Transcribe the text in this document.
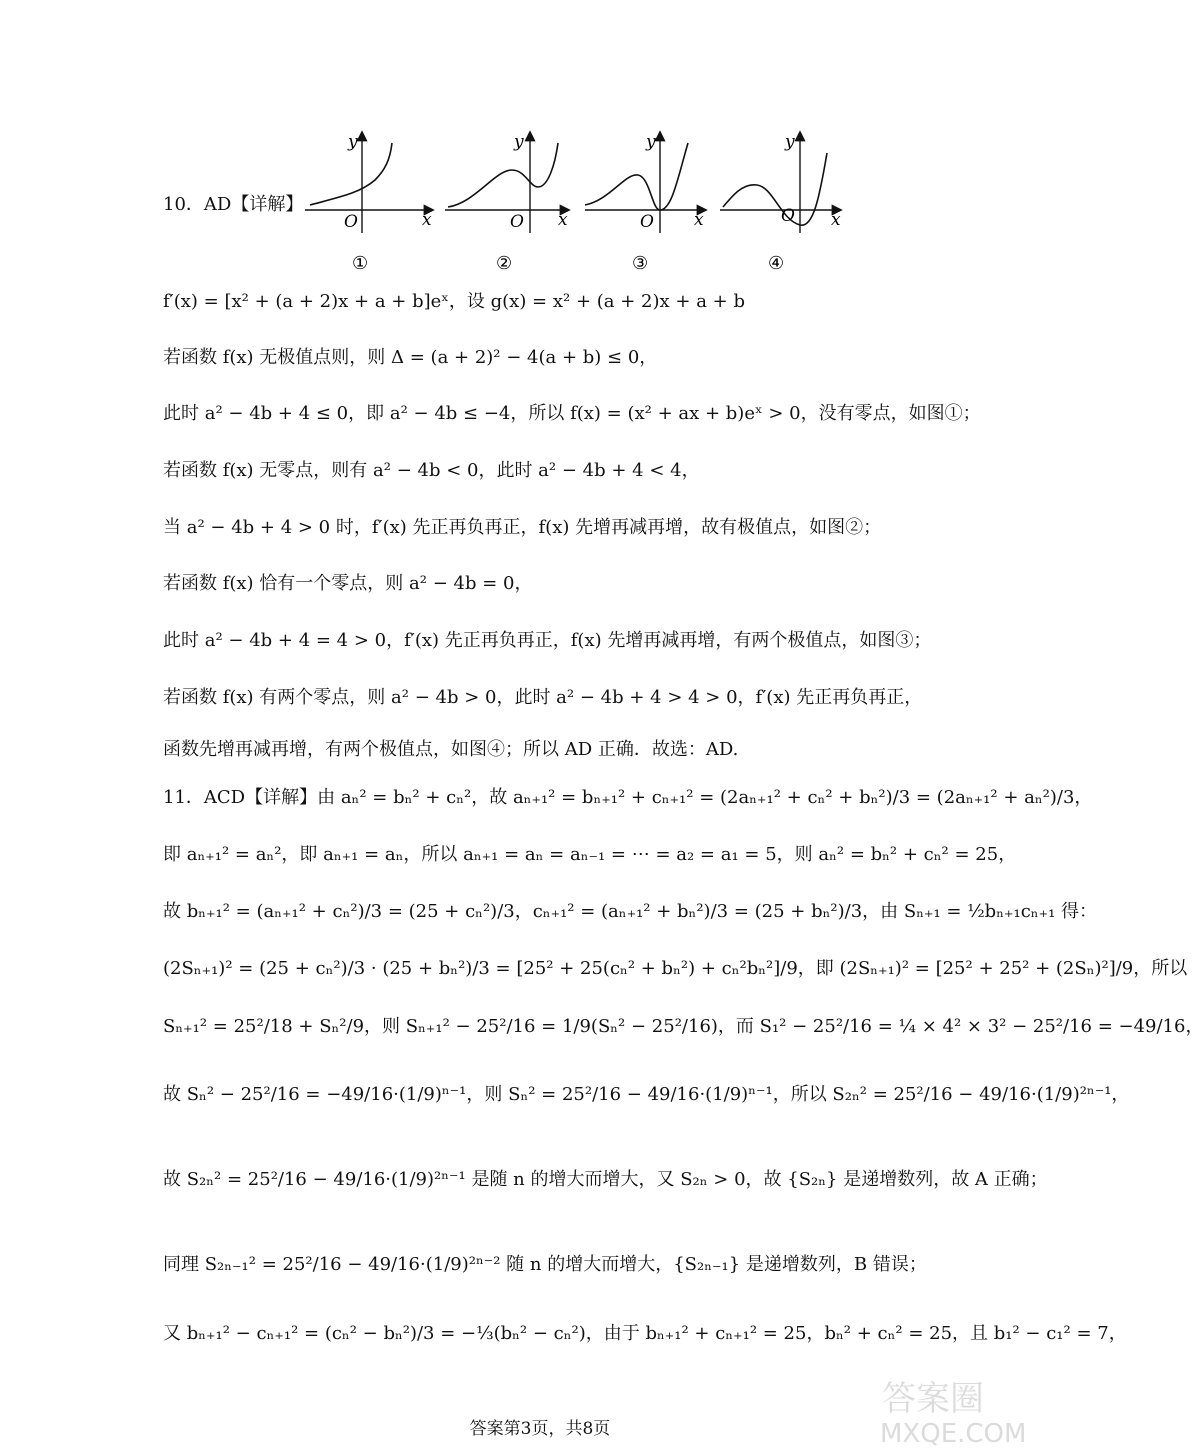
10．AD【详解】
y
x
O
①
y
x
O
②
y
x
O
③
y
x
O
④
f′(x) = [x² + (a + 2)x + a + b]eˣ，设 g(x) = x² + (a + 2)x + a + b
若函数 f(x) 无极值点则，则 Δ = (a + 2)² − 4(a + b) ≤ 0，
此时 a² − 4b + 4 ≤ 0，即 a² − 4b ≤ −4，所以 f(x) = (x² + ax + b)eˣ > 0，没有零点，如图①；
若函数 f(x) 无零点，则有 a² − 4b < 0，此时 a² − 4b + 4 < 4，
当 a² − 4b + 4 > 0 时，f′(x) 先正再负再正，f(x) 先增再减再增，故有极值点，如图②；
若函数 f(x) 恰有一个零点，则 a² − 4b = 0，
此时 a² − 4b + 4 = 4 > 0，f′(x) 先正再负再正，f(x) 先增再减再增，有两个极值点，如图③；
若函数 f(x) 有两个零点，则 a² − 4b > 0，此时 a² − 4b + 4 > 4 > 0，f′(x) 先正再负再正，
函数先增再减再增，有两个极值点，如图④；所以 AD 正确．故选：AD.
11．ACD【详解】由 aₙ² = bₙ² + cₙ²，故 aₙ₊₁² = bₙ₊₁² + cₙ₊₁² = (2aₙ₊₁² + cₙ² + bₙ²)/3 = (2aₙ₊₁² + aₙ²)/3，
即 aₙ₊₁² = aₙ²，即 aₙ₊₁ = aₙ，所以 aₙ₊₁ = aₙ = aₙ₋₁ = ⋯ = a₂ = a₁ = 5，则 aₙ² = bₙ² + cₙ² = 25，
故 bₙ₊₁² = (aₙ₊₁² + cₙ²)/3 = (25 + cₙ²)/3，cₙ₊₁² = (aₙ₊₁² + bₙ²)/3 = (25 + bₙ²)/3，由 Sₙ₊₁ = ½bₙ₊₁cₙ₊₁ 得：
(2Sₙ₊₁)² = (25 + cₙ²)/3 · (25 + bₙ²)/3 = [25² + 25(cₙ² + bₙ²) + cₙ²bₙ²]/9，即 (2Sₙ₊₁)² = [25² + 25² + (2Sₙ)²]/9，所以
Sₙ₊₁² = 25²/18 + Sₙ²/9，则 Sₙ₊₁² − 25²/16 = 1/9(Sₙ² − 25²/16)，而 S₁² − 25²/16 = ¼ × 4² × 3² − 25²/16 = −49/16，
故 Sₙ² − 25²/16 = −49/16·(1/9)ⁿ⁻¹，则 Sₙ² = 25²/16 − 49/16·(1/9)ⁿ⁻¹，所以 S₂ₙ² = 25²/16 − 49/16·(1/9)²ⁿ⁻¹，
故 S₂ₙ² = 25²/16 − 49/16·(1/9)²ⁿ⁻¹ 是随 n 的增大而增大，又 S₂ₙ > 0，故 {S₂ₙ} 是递增数列，故 A 正确；
同理 S₂ₙ₋₁² = 25²/16 − 49/16·(1/9)²ⁿ⁻² 随 n 的增大而增大，{S₂ₙ₋₁} 是递增数列，B 错误；
又 bₙ₊₁² − cₙ₊₁² = (cₙ² − bₙ²)/3 = −⅓(bₙ² − cₙ²)，由于 bₙ₊₁² + cₙ₊₁² = 25，bₙ² + cₙ² = 25，且 b₁² − c₁² = 7，
答案第3页，共8页
答案圈
MXQE.COM
